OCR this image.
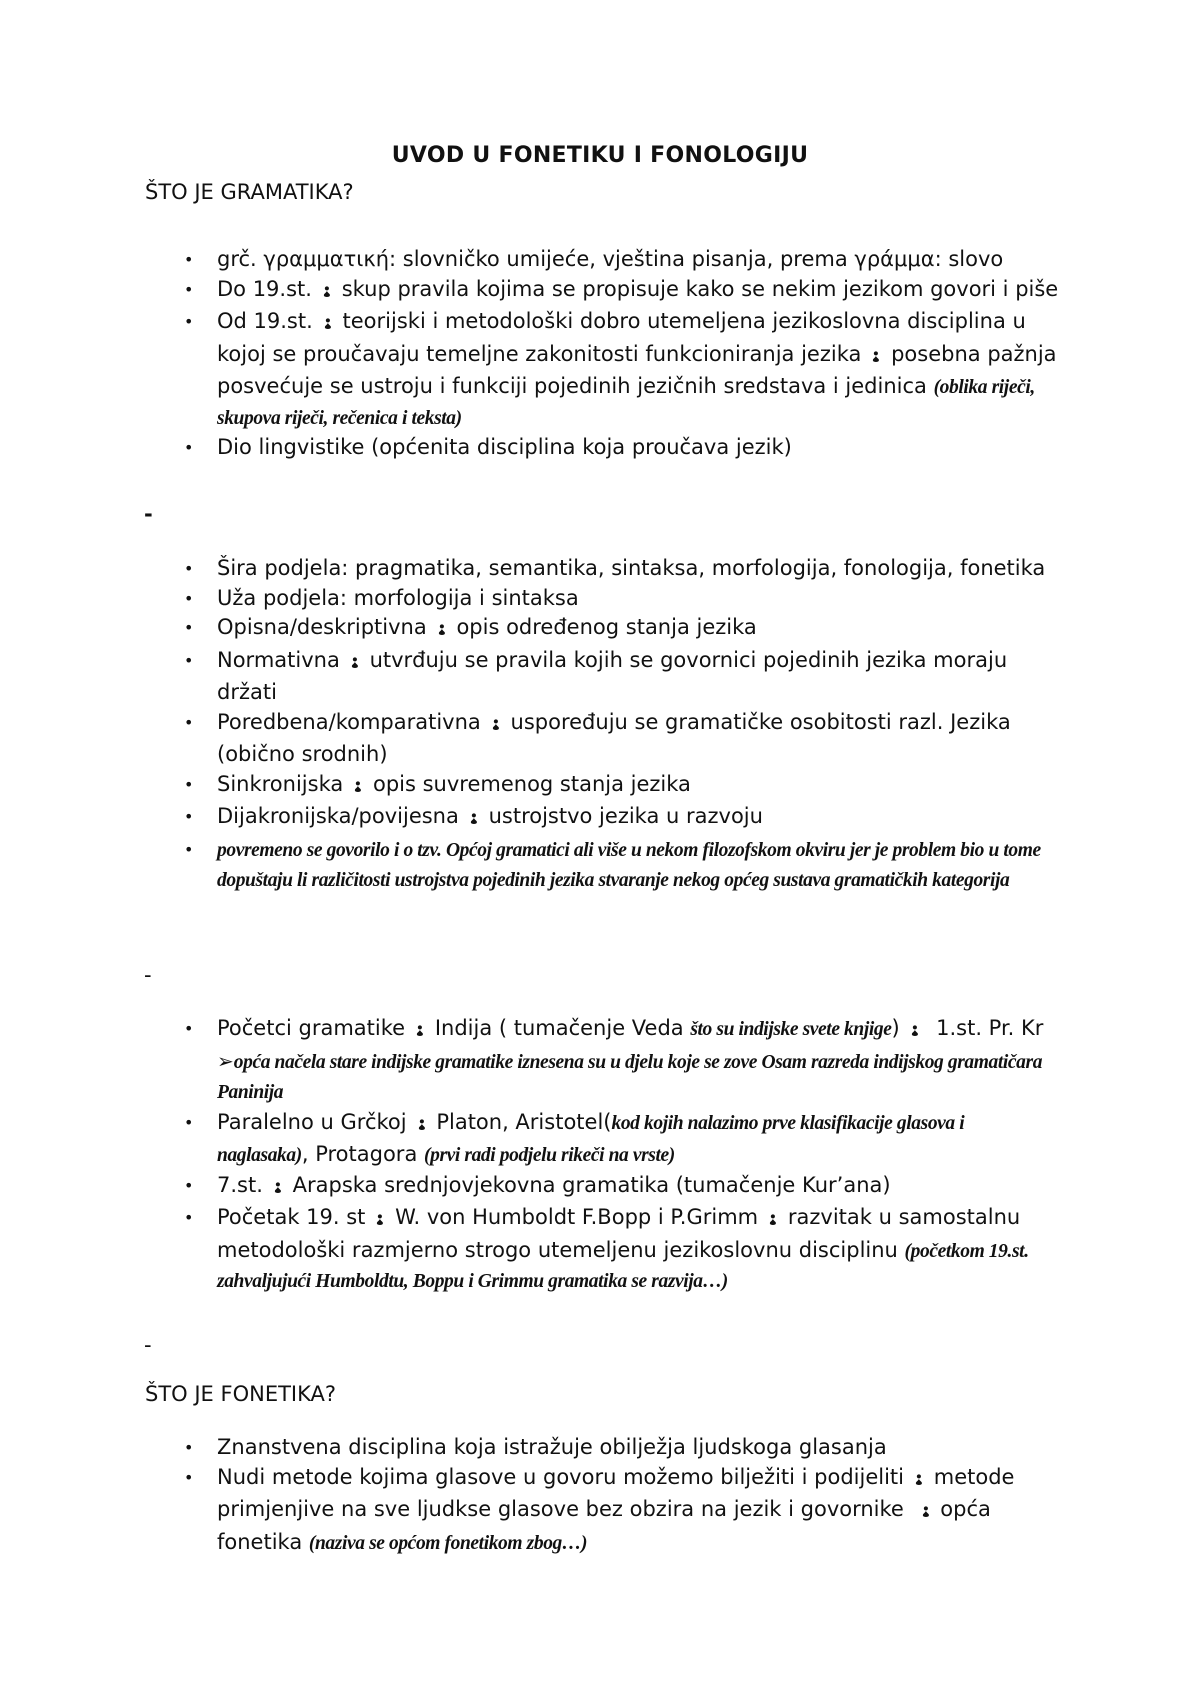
UVOD U FONETIKU I FONOLOGIJU
ŠTO JE GRAMATIKA?
• grč. γραμματική: slovničko umijeće, vještina pisanja, prema γράμμα: slovo
• Do 19.st. ❢ skup pravila kojima se propisuje kako se nekim jezikom govori i piše
• Od 19.st. ❢ teorijski i metodološki dobro utemeljena jezikoslovna disciplina u kojoj se proučavaju temeljne zakonitosti funkcioniranja jezika ❢ posebna pažnja posvećuje se ustroju i funkciji pojedinih jezičnih sredstava i jedinica (oblika riječi, skupova riječi, rečenica i teksta)
• Dio lingvistike (općenita disciplina koja proučava jezik)
-
• Šira podjela: pragmatika, semantika, sintaksa, morfologija, fonologija, fonetika
• Uža podjela: morfologija i sintaksa
• Opisna/deskriptivna ❢ opis određenog stanja jezika
• Normativna ❢ utvrđuju se pravila kojih se govornici pojedinih jezika moraju držati
• Poredbena/komparativna ❢ uspoređuju se gramatičke osobitosti razl. Jezika (obično srodnih)
• Sinkronijska ❢ opis suvremenog stanja jezika
• Dijakronijska/povijesna ❢ ustrojstvo jezika u razvoju
• povremeno se govorilo i o tzv. Općoj gramatici ali više u nekom filozofskom okviru jer je problem bio u tome dopuštaju li različitosti ustrojstva pojedinih jezika stvaranje nekog općeg sustava gramatičkih kategorija
-
• Početci gramatike ❢ Indija ( tumačenje Veda što su indijske svete knjige) ❢ 1.st. Pr. Kr ➢opća načela stare indijske gramatike iznesena su u djelu koje se zove Osam razreda indijskog gramatičara Paninija
• Paralelno u Grčkoj ❢ Platon, Aristotel(kod kojih nalazimo prve klasifikacije glasova i naglasaka), Protagora (prvi radi podjelu rikeči na vrste)
• 7.st. ❢ Arapska srednjovjekovna gramatika (tumačenje Kur’ana)
• Početak 19. st ❢ W. von Humboldt F.Bopp i P.Grimm ❢ razvitak u samostalnu metodološki razmjerno strogo utemeljenu jezikoslovnu disciplinu (početkom 19.st. zahvaljujući Humboldtu, Boppu i Grimmu gramatika se razvija…)
-
ŠTO JE FONETIKA?
• Znanstvena disciplina koja istražuje obilježja ljudskoga glasanja
• Nudi metode kojima glasove u govoru možemo bilježiti i podijeliti ❢ metode primjenjive na sve ljudkse glasove bez obzira na jezik i govornike ❢ opća fonetika (naziva se općom fonetikom zbog…)
